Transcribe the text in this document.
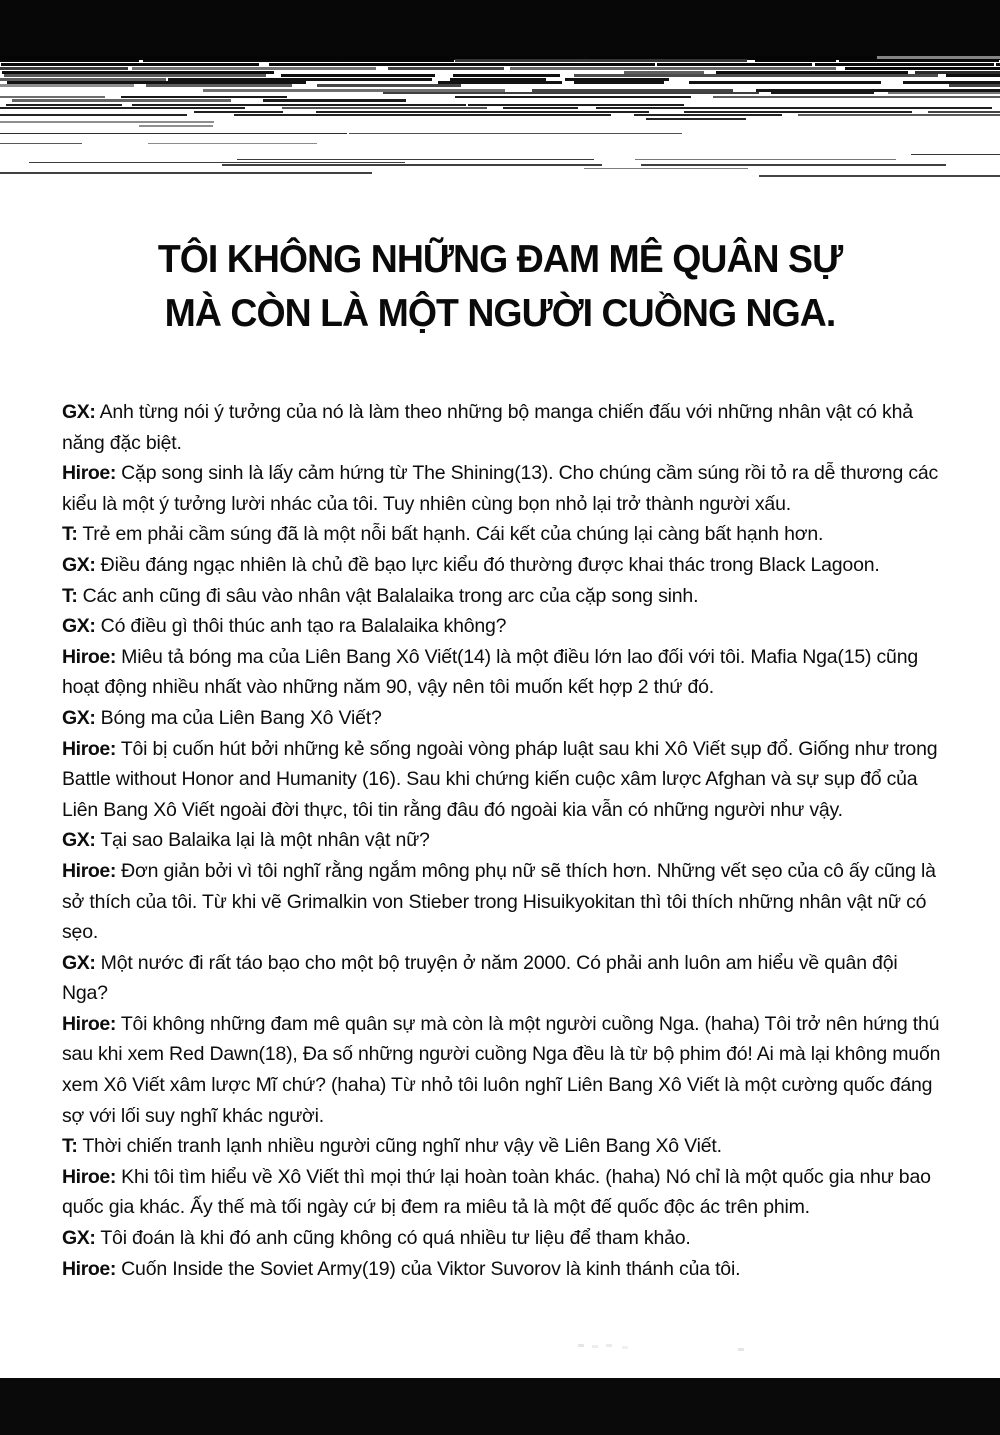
TÔI KHÔNG NHỮNG ĐAM MÊ QUÂN SỰ
MÀ CÒN LÀ MỘT NGƯỜI CUỒNG NGA.

GX: Anh từng nói ý tưởng của nó là làm theo những bộ manga chiến đấu với những nhân vật có khả năng đặc biệt.

Hiroe: Cặp song sinh là lấy cảm hứng từ The Shining(13). Cho chúng cầm súng rồi tỏ ra dễ thương các kiểu là một ý tưởng lười nhác của tôi. Tuy nhiên cùng bọn nhỏ lại trở thành người xấu.

T: Trẻ em phải cầm súng đã là một nỗi bất hạnh. Cái kết của chúng lại càng bất hạnh hơn.

GX: Điều đáng ngạc nhiên là chủ đề bạo lực kiểu đó thường được khai thác trong Black Lagoon.

T: Các anh cũng đi sâu vào nhân vật Balalaika trong arc của cặp song sinh.

GX: Có điều gì thôi thúc anh tạo ra Balalaika không?

Hiroe: Miêu tả bóng ma của Liên Bang Xô Viết(14) là một điều lớn lao đối với tôi. Mafia Nga(15) cũng hoạt động nhiều nhất vào những năm 90, vậy nên tôi muốn kết hợp 2 thứ đó.

GX: Bóng ma của Liên Bang Xô Viết?

Hiroe: Tôi bị cuốn hút bởi những kẻ sống ngoài vòng pháp luật sau khi Xô Viết sụp đổ. Giống như trong Battle without Honor and Humanity (16). Sau khi chứng kiến cuộc xâm lược Afghan và sự sụp đổ của Liên Bang Xô Viết ngoài đời thực, tôi tin rằng đâu đó ngoài kia vẫn có những người như vậy.

GX: Tại sao Balaika lại là một nhân vật nữ?

Hiroe: Đơn giản bởi vì tôi nghĩ rằng ngắm mông phụ nữ sẽ thích hơn. Những vết sẹo của cô ấy cũng là sở thích của tôi. Từ khi vẽ Grimalkin von Stieber trong Hisuikyokitan thì tôi thích những nhân vật nữ có sẹo.

GX: Một nước đi rất táo bạo cho một bộ truyện ở năm 2000. Có phải anh luôn am hiểu về quân đội Nga?

Hiroe: Tôi không những đam mê quân sự mà còn là một người cuồng Nga. (haha) Tôi trở nên hứng thú sau khi xem Red Dawn(18), Đa số những người cuồng Nga đều là từ bộ phim đó! Ai mà lại không muốn xem Xô Viết xâm lược Mĩ chứ? (haha) Từ nhỏ tôi luôn nghĩ Liên Bang Xô Viết là một cường quốc đáng sợ với lối suy nghĩ khác người.

T: Thời chiến tranh lạnh nhiều người cũng nghĩ như vậy về Liên Bang Xô Viết.

Hiroe: Khi tôi tìm hiểu về Xô Viết thì mọi thứ lại hoàn toàn khác. (haha) Nó chỉ là một quốc gia như bao quốc gia khác. Ấy thế mà tối ngày cứ bị đem ra miêu tả là một đế quốc độc ác trên phim.

GX: Tôi đoán là khi đó anh cũng không có quá nhiều tư liệu để tham khảo.

Hiroe: Cuốn Inside the Soviet Army(19) của Viktor Suvorov là kinh thánh của tôi.
